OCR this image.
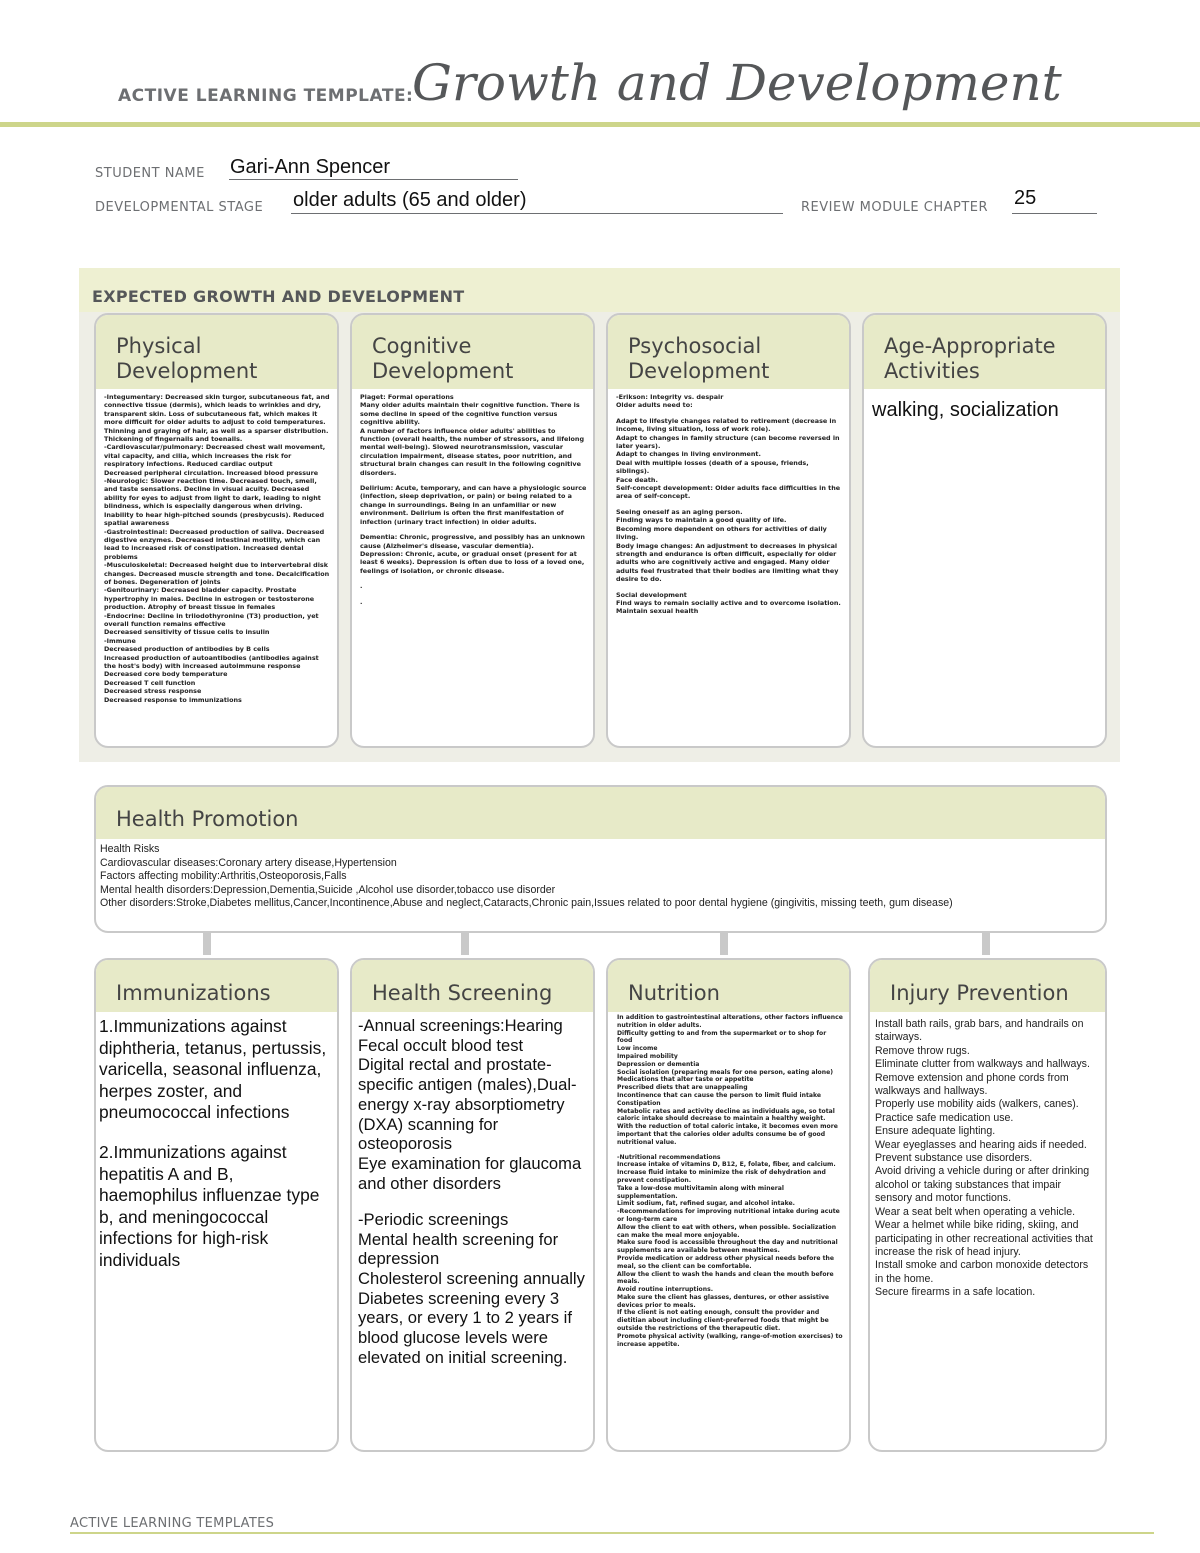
ACTIVE LEARNING TEMPLATE:
Growth and Development
STUDENT NAME Gari-Ann Spencer
DEVELOPMENTAL STAGE older adults (65 and older)	REVIEW MODULE CHAPTER 25
EXPECTED GROWTH AND DEVELOPMENT
Physical
Development
-Integumentary: Decreased skin turgor, subcutaneous fat, and connective tissue (dermis), which leads to wrinkles and dry, transparent skin. Loss of subcutaneous fat, which makes it more difficult for older adults to adjust to cold temperatures.
Thinning and graying of hair, as well as a sparser distribution. Thickening of fingernails and toenails.
-Cardiovascular/pulmonary: Decreased chest wall movement, vital capacity, and cilia, which increases the risk for respiratory infections. Reduced cardiac output
Decreased peripheral circulation. Increased blood pressure
-Neurologic: Slower reaction time. Decreased touch, smell, and taste sensations. Decline in visual acuity. Decreased ability for eyes to adjust from light to dark, leading to night blindness, which is especially dangerous when driving. Inability to hear high-pitched sounds (presbycusis). Reduced spatial awareness
-Gastrointestinal: Decreased production of saliva. Decreased digestive enzymes. Decreased intestinal motility, which can lead to increased risk of constipation. Increased dental problems
-Musculoskeletal: Decreased height due to intervertebral disk changes. Decreased muscle strength and tone. Decalcification of bones. Degeneration of joints
-Genitourinary: Decreased bladder capacity. Prostate hypertrophy in males. Decline in estrogen or testosterone production. Atrophy of breast tissue in females
-Endocrine: Decline in triiodothyronine (T3) production, yet overall function remains effective
Decreased sensitivity of tissue cells to insulin
-Immune
Decreased production of antibodies by B cells
Increased production of autoantibodies (antibodies against the host's body) with increased autoimmune response
Decreased core body temperature
Decreased T cell function
Decreased stress response
Decreased response to immunizations
Cognitive
Development
Piaget: Formal operations
Many older adults maintain their cognitive function. There is some decline in speed of the cognitive function versus cognitive ability.
A number of factors influence older adults' abilities to function (overall health, the number of stressors, and lifelong mental well-being). Slowed neurotransmission, vascular circulation impairment, disease states, poor nutrition, and structural brain changes can result in the following cognitive disorders.
Delirium: Acute, temporary, and can have a physiologic source (infection, sleep deprivation, or pain) or being related to a change in surroundings. Being in an unfamiliar or new environment. Delirium is often the first manifestation of infection (urinary tract infection) in older adults.
Dementia: Chronic, progressive, and possibly has an unknown cause (Alzheimer's disease, vascular dementia).
Depression: Chronic, acute, or gradual onset (present for at least 6 weeks). Depression is often due to loss of a loved one, feelings of isolation, or chronic disease.
.
.
Psychosocial
Development
-Erikson: Integrity vs. despair
Older adults need to:
Adapt to lifestyle changes related to retirement (decrease in income, living situation, loss of work role).
Adapt to changes in family structure (can become reversed in later years).
Adapt to changes in living environment.
Deal with multiple losses (death of a spouse, friends, siblings).
Face death.
Self-concept development: Older adults face difficulties in the area of self-concept.
Seeing oneself as an aging person.
Finding ways to maintain a good quality of life.
Becoming more dependent on others for activities of daily living.
Body image changes: An adjustment to decreases in physical strength and endurance is often difficult, especially for older adults who are cognitively active and engaged. Many older adults feel frustrated that their bodies are limiting what they desire to do.
Social development
Find ways to remain socially active and to overcome isolation.
Maintain sexual health
Age-Appropriate
Activities
walking, socialization
Health Promotion
Health Risks
Cardiovascular diseases:Coronary artery disease,Hypertension
Factors affecting mobility:Arthritis,Osteoporosis,Falls
Mental health disorders:Depression,Dementia,Suicide ,Alcohol use disorder,tobacco use disorder
Other disorders:Stroke,Diabetes mellitus,Cancer,Incontinence,Abuse and neglect,Cataracts,Chronic pain,Issues related to poor dental hygiene (gingivitis, missing teeth, gum disease)
Immunizations
1.Immunizations against diphtheria, tetanus, pertussis, varicella, seasonal influenza, herpes zoster, and pneumococcal infections
2.Immunizations against hepatitis A and B, haemophilus influenzae type b, and meningococcal infections for high-risk individuals
Health Screening
-Annual screenings:Hearing
Fecal occult blood test
Digital rectal and prostate-specific antigen (males),Dual-energy x-ray absorptiometry (DXA) scanning for osteoporosis
Eye examination for glaucoma and other disorders
-Periodic screenings
Mental health screening for depression
Cholesterol screening annually
Diabetes screening every 3 years, or every 1 to 2 years if blood glucose levels were elevated on initial screening.
Nutrition
In addition to gastrointestinal alterations, other factors influence nutrition in older adults.
Difficulty getting to and from the supermarket or to shop for food
Low income
Impaired mobility
Depression or dementia
Social isolation (preparing meals for one person, eating alone)
Medications that alter taste or appetite
Prescribed diets that are unappealing
Incontinence that can cause the person to limit fluid intake
Constipation
Metabolic rates and activity decline as individuals age, so total caloric intake should decrease to maintain a healthy weight. With the reduction of total caloric intake, it becomes even more important that the calories older adults consume be of good nutritional value.
-Nutritional recommendations
Increase intake of vitamins D, B12, E, folate, fiber, and calcium. Increase fluid intake to minimize the risk of dehydration and prevent constipation.
Take a low-dose multivitamin along with mineral supplementation.
Limit sodium, fat, refined sugar, and alcohol intake.
-Recommendations for improving nutritional intake during acute or long-term care
Allow the client to eat with others, when possible. Socialization can make the meal more enjoyable.
Make sure food is accessible throughout the day and nutritional supplements are available between mealtimes.
Provide medication or address other physical needs before the meal, so the client can be comfortable.
Allow the client to wash the hands and clean the mouth before meals.
Avoid routine interruptions.
Make sure the client has glasses, dentures, or other assistive devices prior to meals.
If the client is not eating enough, consult the provider and dietitian about including client-preferred foods that might be outside the restrictions of the therapeutic diet.
Promote physical activity (walking, range-of-motion exercises) to increase appetite.
Injury Prevention
Install bath rails, grab bars, and handrails on stairways.
Remove throw rugs.
Eliminate clutter from walkways and hallways.
Remove extension and phone cords from walkways and hallways.
Properly use mobility aids (walkers, canes).
Practice safe medication use.
Ensure adequate lighting.
Wear eyeglasses and hearing aids if needed.
Prevent substance use disorders.
Avoid driving a vehicle during or after drinking alcohol or taking substances that impair sensory and motor functions.
Wear a seat belt when operating a vehicle.
Wear a helmet while bike riding, skiing, and participating in other recreational activities that increase the risk of head injury.
Install smoke and carbon monoxide detectors in the home.
Secure firearms in a safe location.
ACTIVE LEARNING TEMPLATES
